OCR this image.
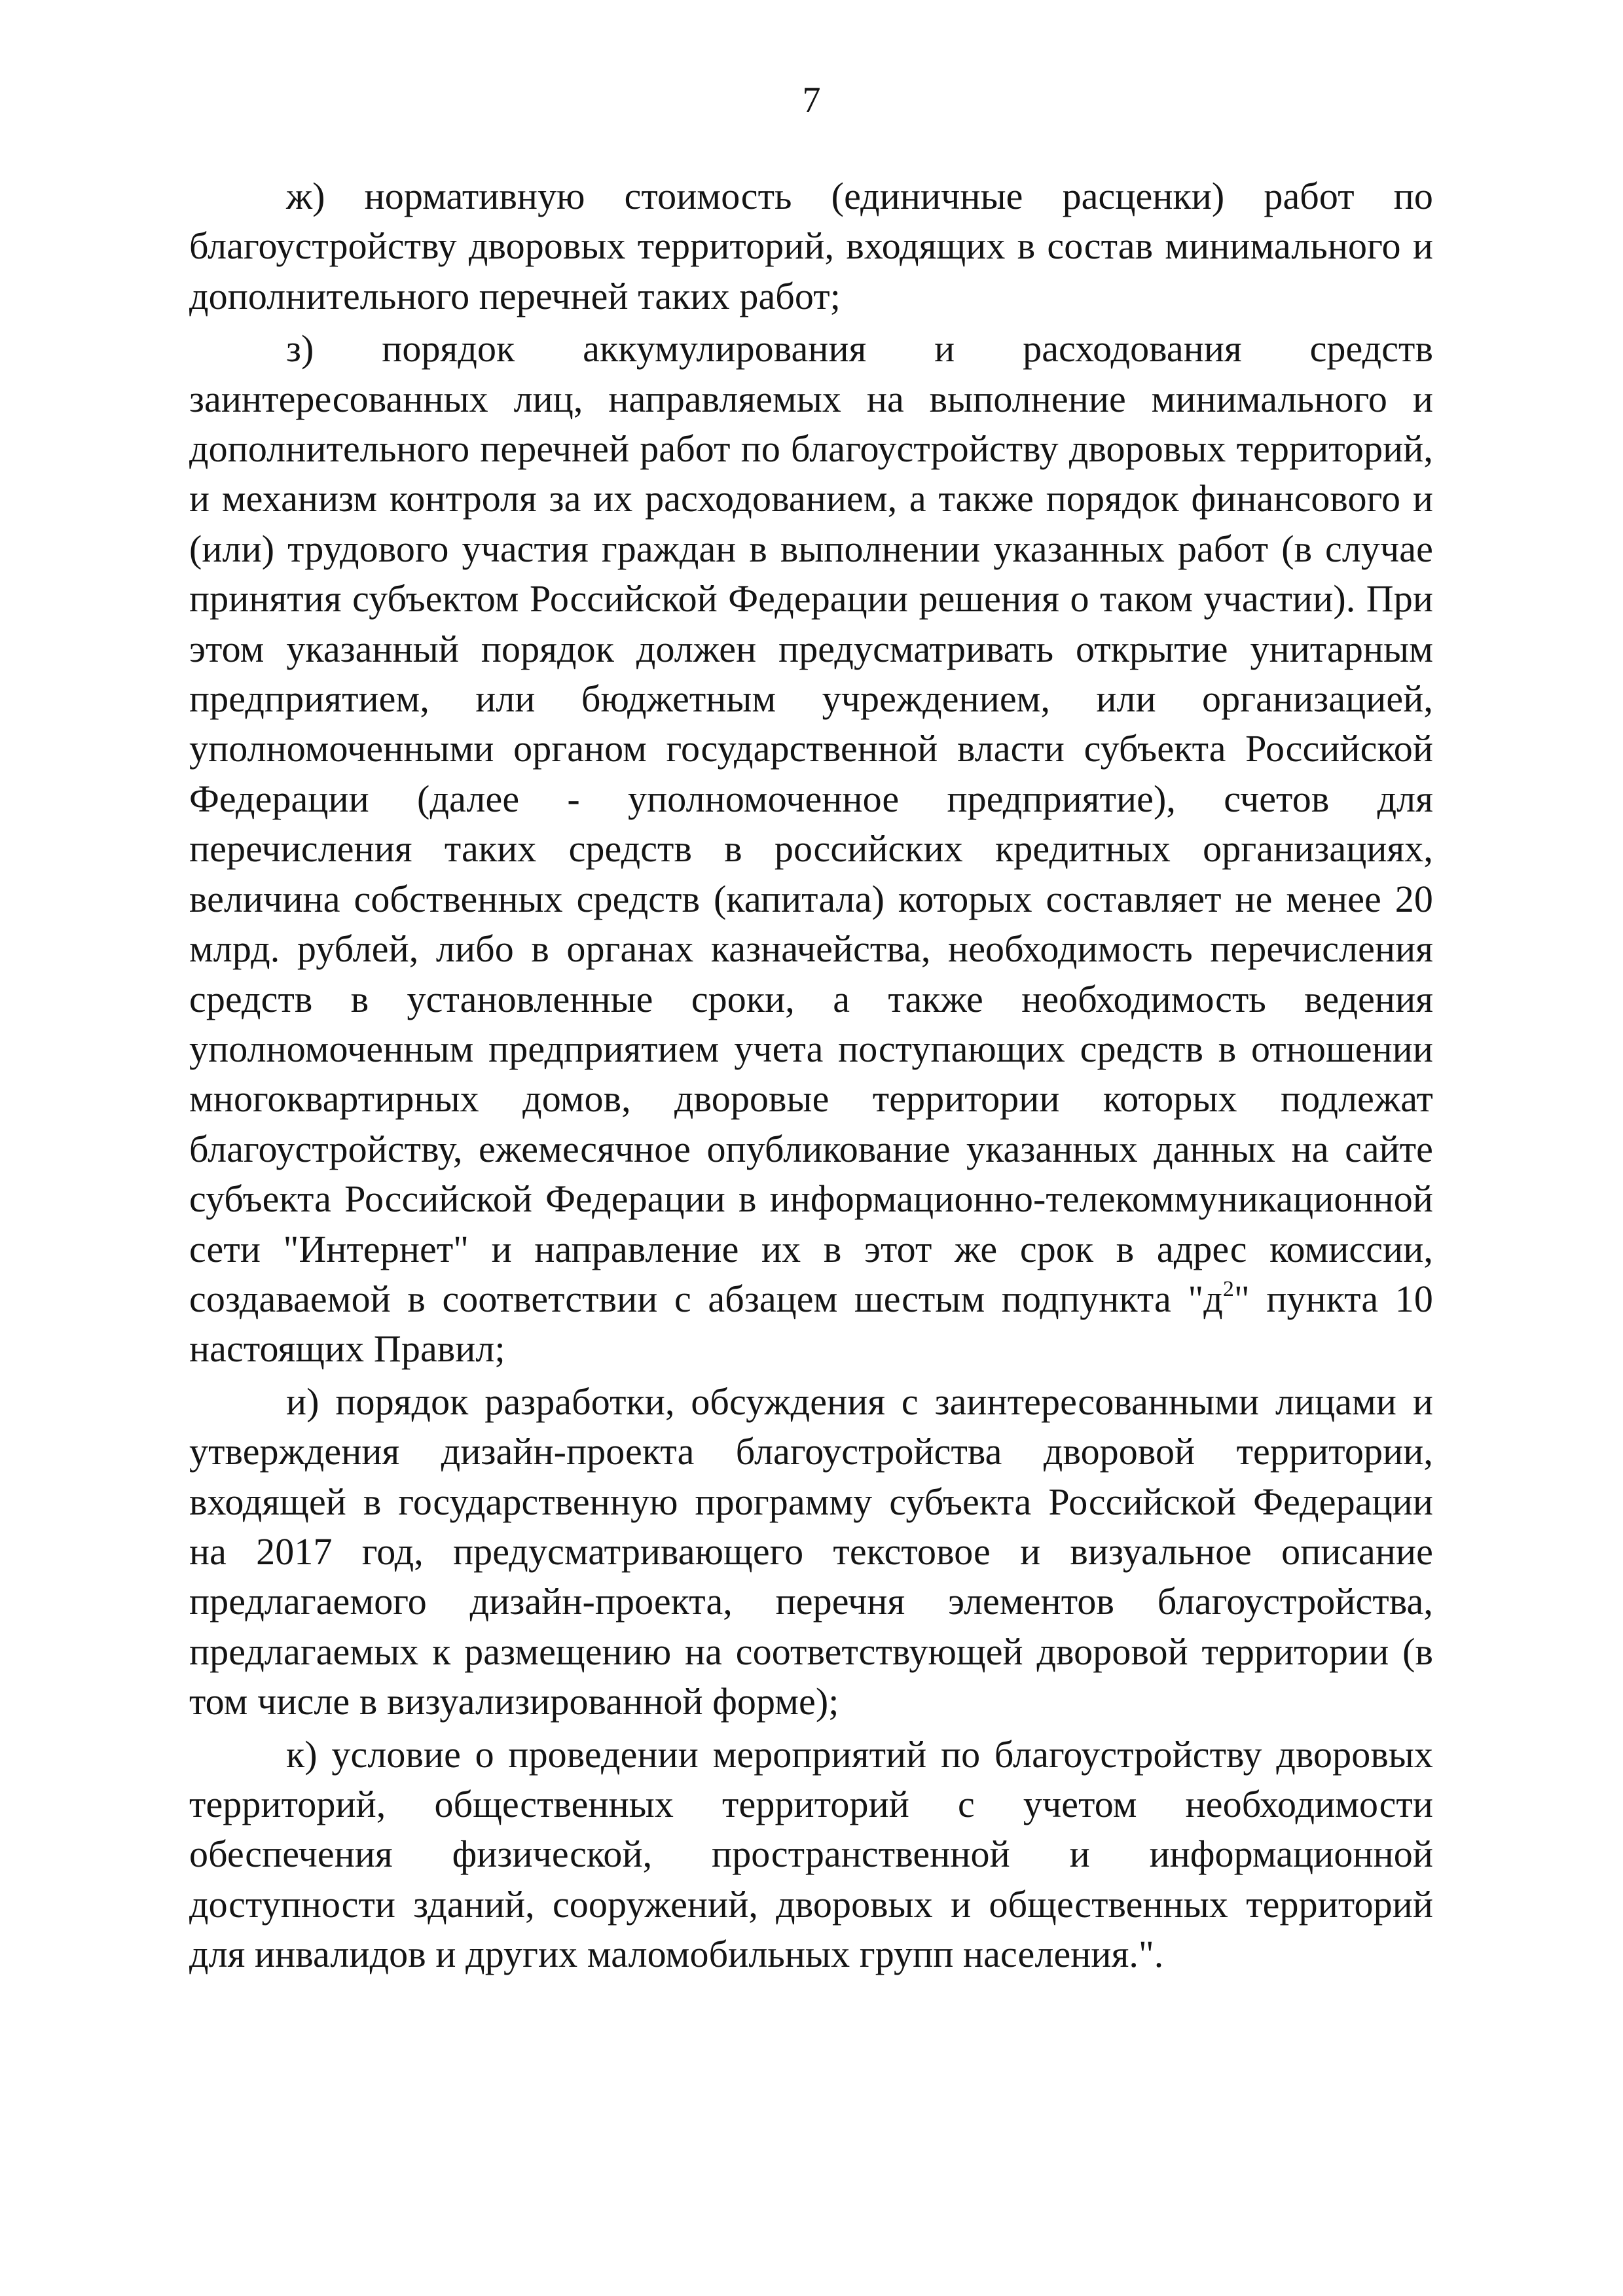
7

ж) нормативную стоимость (единичные расценки) работ по благоустройству дворовых территорий, входящих в состав минимального и дополнительного перечней таких работ;

з) порядок аккумулирования и расходования средств заинтересованных лиц, направляемых на выполнение минимального и дополнительного перечней работ по благоустройству дворовых территорий, и механизм контроля за их расходованием, а также порядок финансового и (или) трудового участия граждан в выполнении указанных работ (в случае принятия субъектом Российской Федерации решения о таком участии). При этом указанный порядок должен предусматривать открытие унитарным предприятием, или бюджетным учреждением, или организацией, уполномоченными органом государственной власти субъекта Российской Федерации (далее - уполномоченное предприятие), счетов для перечисления таких средств в российских кредитных организациях, величина собственных средств (капитала) которых составляет не менее 20 млрд. рублей, либо в органах казначейства, необходимость перечисления средств в установленные сроки, а также необходимость ведения уполномоченным предприятием учета поступающих средств в отношении многоквартирных домов, дворовые территории которых подлежат благоустройству, ежемесячное опубликование указанных данных на сайте субъекта Российской Федерации в информационно-телекоммуникационной сети "Интернет" и направление их в этот же срок в адрес комиссии, создаваемой в соответствии с абзацем шестым подпункта "$д^2$" пункта 10 настоящих Правил;

и) порядок разработки, обсуждения с заинтересованными лицами и утверждения дизайн-проекта благоустройства дворовой территории, входящей в государственную программу субъекта Российской Федерации на 2017 год, предусматривающего текстовое и визуальное описание предлагаемого дизайн-проекта, перечня элементов благоустройства, предлагаемых к размещению на соответствующей дворовой территории (в том числе в визуализированной форме);

к) условие о проведении мероприятий по благоустройству дворовых территорий, общественных территорий с учетом необходимости обеспечения физической, пространственной и информационной доступности зданий, сооружений, дворовых и общественных территорий для инвалидов и других маломобильных групп населения.".
